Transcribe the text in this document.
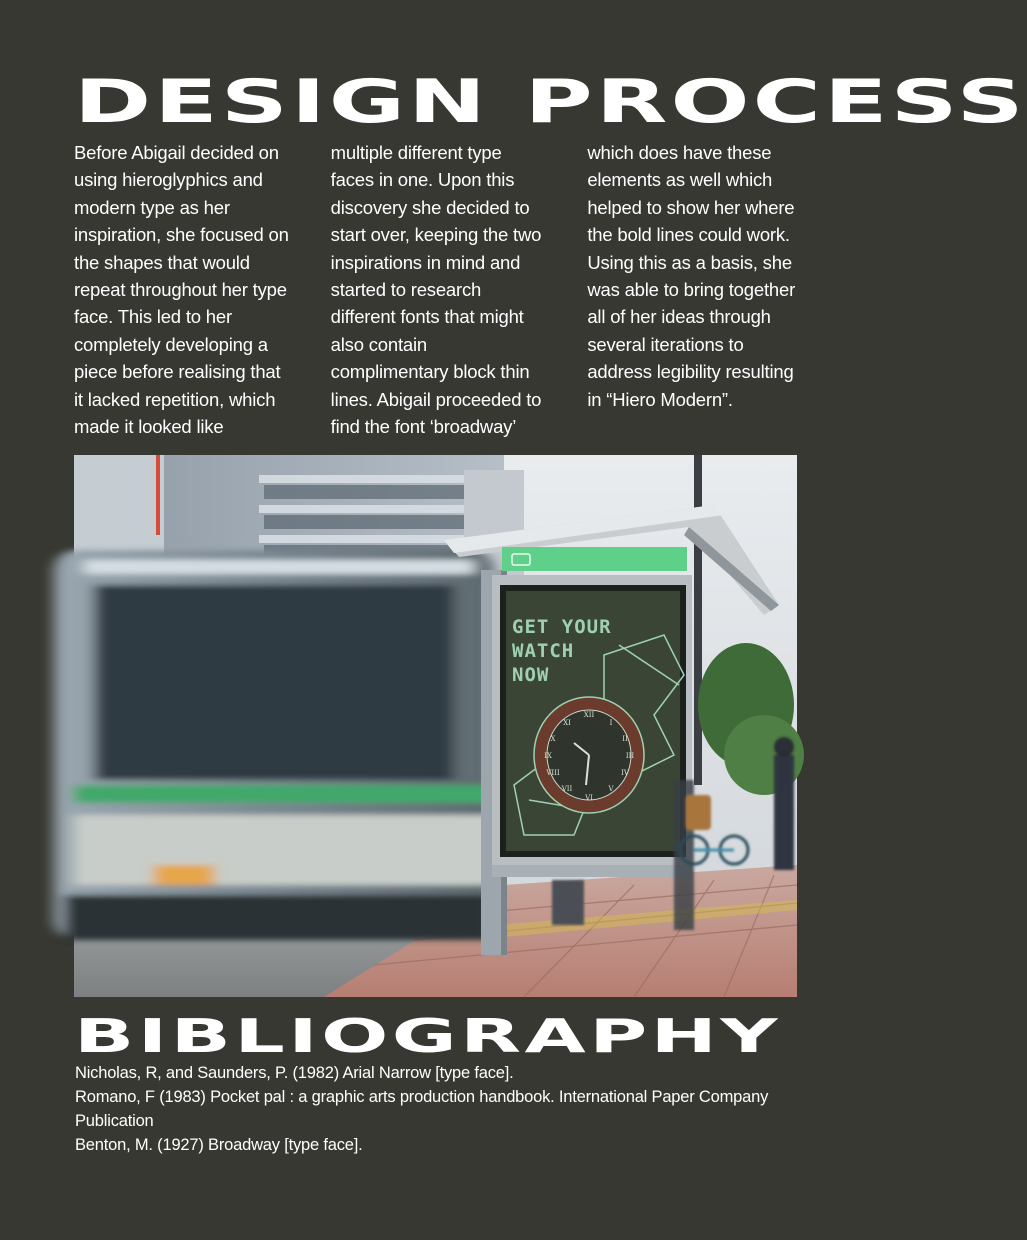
DESIGN PROCESS

Before Abigail decided on using hieroglyphics and modern type as her inspiration, she focused on the shapes that would repeat throughout her type face. This led to her completely developing a piece before realising that it lacked repetition, which made it looked like

multiple different type faces in one. Upon this discovery she decided to start over, keeping the two inspirations in mind and started to research different fonts that might also contain complimentary block thin lines. Abigail proceeded to find the font ‘broadway’

which does have these elements as well which helped to show her where the bold lines could work. Using this as a basis, she was able to bring together all of her ideas through several iterations to address legibility resulting in “Hiero Modern”.

XII
I
II
III
IV
V
VI
VII
VIII
IX
X
XI
GET YOUR
WATCH
NOW
BIBLIOGRAPHY
Nicholas, R, and Saunders, P. (1982) Arial Narrow [type face].
Romano, F (1983) Pocket pal : a graphic arts production handbook. International Paper Company Publication
Benton, M. (1927) Broadway [type face].
